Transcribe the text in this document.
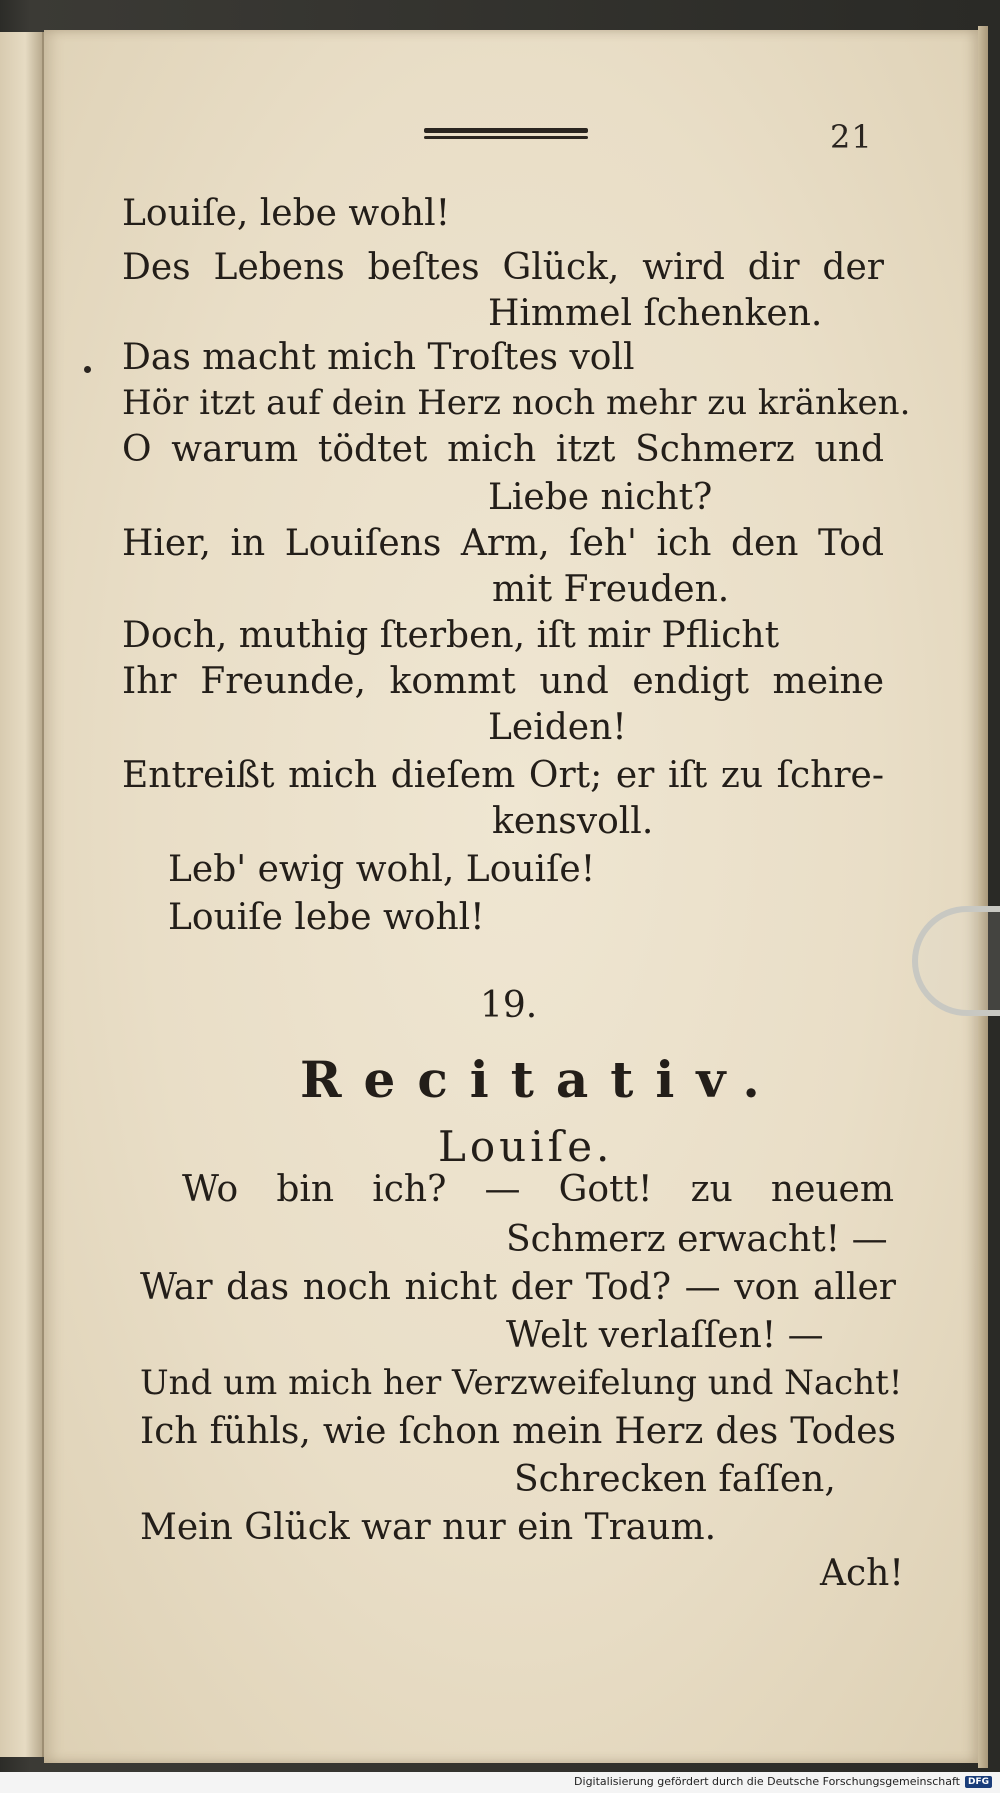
21
Louiſe, lebe wohl!
Des Lebens beſtes Glück, wird dir der
Himmel ſchenken.
Das macht mich Troſtes voll
Hör itzt auf dein Herz noch mehr zu kränken.
O warum tödtet mich itzt Schmerz und
Liebe nicht?
Hier, in Louiſens Arm, ſeh' ich den Tod
mit Freuden.
Doch, muthig ſterben, iſt mir Pflicht
Ihr Freunde, kommt und endigt meine
Leiden!
Entreißt mich dieſem Ort; er iſt zu ſchre-
kensvoll.
Leb' ewig wohl, Louiſe!
Louiſe lebe wohl!
19.
Recitativ.
Louiſe.
Wo bin ich? — Gott! zu neuem
Schmerz erwacht! —
War das noch nicht der Tod? — von aller
Welt verlaſſen! —
Und um mich her Verzweifelung und Nacht!
Ich fühls, wie ſchon mein Herz des Todes
Schrecken faſſen,
Mein Glück war nur ein Traum.
Ach!
Digitalisierung gefördert durch die Deutsche Forschungsgemeinschaft DFG
